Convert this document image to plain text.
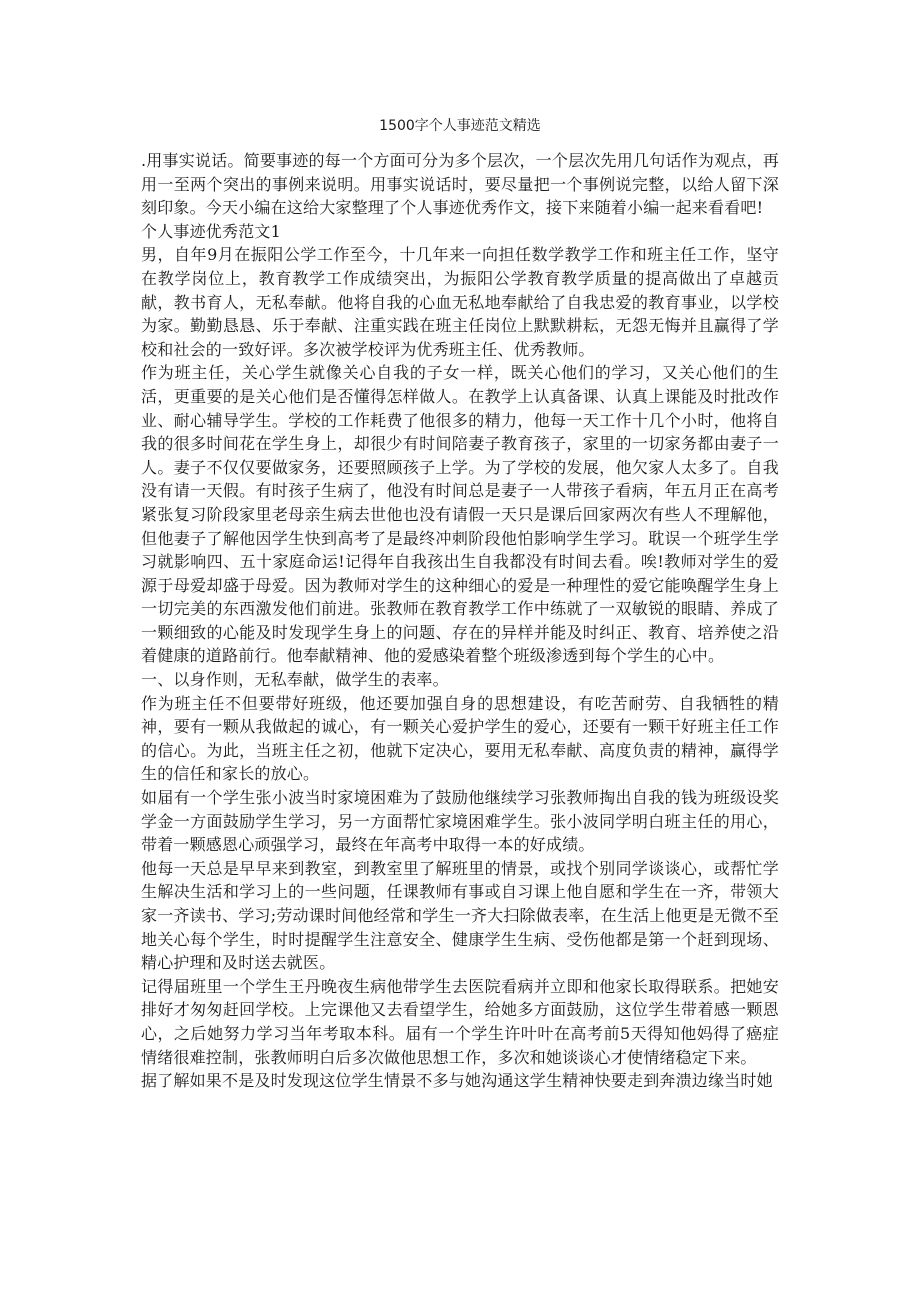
1500字个人事迹范文精选

.用事实说话。简要事迹的每一个方面可分为多个层次，一个层次先用几句话作为观点，再用一至两个突出的事例来说明。用事实说话时，要尽量把一个事例说完整，以给人留下深刻印象。今天小编在这给大家整理了个人事迹优秀作文，接下来随着小编一起来看看吧!

个人事迹优秀范文1

男，自年9月在振阳公学工作至今，十几年来一向担任数学教学工作和班主任工作，坚守在教学岗位上，教育教学工作成绩突出，为振阳公学教育教学质量的提高做出了卓越贡献，教书育人，无私奉献。他将自我的心血无私地奉献给了自我忠爱的教育事业，以学校为家。勤勤恳恳、乐于奉献、注重实践在班主任岗位上默默耕耘，无怨无悔并且赢得了学校和社会的一致好评。多次被学校评为优秀班主任、优秀教师。

作为班主任，关心学生就像关心自我的子女一样，既关心他们的学习，又关心他们的生活，更重要的是关心他们是否懂得怎样做人。在教学上认真备课、认真上课能及时批改作业、耐心辅导学生。学校的工作耗费了他很多的精力，他每一天工作十几个小时，他将自我的很多时间花在学生身上，却很少有时间陪妻子教育孩子，家里的一切家务都由妻子一人。妻子不仅仅要做家务，还要照顾孩子上学。为了学校的发展，他欠家人太多了。自我没有请一天假。有时孩子生病了，他没有时间总是妻子一人带孩子看病，年五月正在高考紧张复习阶段家里老母亲生病去世他也没有请假一天只是课后回家两次有些人不理解他，但他妻子了解他因学生快到高考了是最终冲刺阶段他怕影响学生学习。耽误一个班学生学习就影响四、五十家庭命运!记得年自我孩出生自我都没有时间去看。唉!教师对学生的爱源于母爱却盛于母爱。因为教师对学生的这种细心的爱是一种理性的爱它能唤醒学生身上一切完美的东西激发他们前进。张教师在教育教学工作中练就了一双敏锐的眼睛、养成了一颗细致的心能及时发现学生身上的问题、存在的异样并能及时纠正、教育、培养使之沿着健康的道路前行。他奉献精神、他的爱感染着整个班级渗透到每个学生的心中。

一、以身作则，无私奉献，做学生的表率。

作为班主任不但要带好班级，他还要加强自身的思想建设，有吃苦耐劳、自我牺牲的精神，要有一颗从我做起的诚心，有一颗关心爱护学生的爱心，还要有一颗干好班主任工作的信心。为此，当班主任之初，他就下定决心，要用无私奉献、高度负责的精神，赢得学生的信任和家长的放心。

如届有一个学生张小波当时家境困难为了鼓励他继续学习张教师掏出自我的钱为班级设奖学金一方面鼓励学生学习，另一方面帮忙家境困难学生。张小波同学明白班主任的用心，带着一颗感恩心顽强学习，最终在年高考中取得一本的好成绩。

他每一天总是早早来到教室，到教室里了解班里的情景，或找个别同学谈谈心，或帮忙学生解决生活和学习上的一些问题，任课教师有事或自习课上他自愿和学生在一齐，带领大家一齐读书、学习;劳动课时间他经常和学生一齐大扫除做表率，在生活上他更是无微不至地关心每个学生，时时提醒学生注意安全、健康学生生病、受伤他都是第一个赶到现场、精心护理和及时送去就医。

记得届班里一个学生王丹晚夜生病他带学生去医院看病并立即和他家长取得联系。把她安排好才匆匆赶回学校。上完课他又去看望学生，给她多方面鼓励，这位学生带着感一颗恩心，之后她努力学习当年考取本科。届有一个学生许叶叶在高考前5天得知他妈得了癌症情绪很难控制，张教师明白后多次做他思想工作，多次和她谈谈心才使情绪稳定下来。

据了解如果不是及时发现这位学生情景不多与她沟通这学生精神快要走到奔溃边缘当时她
